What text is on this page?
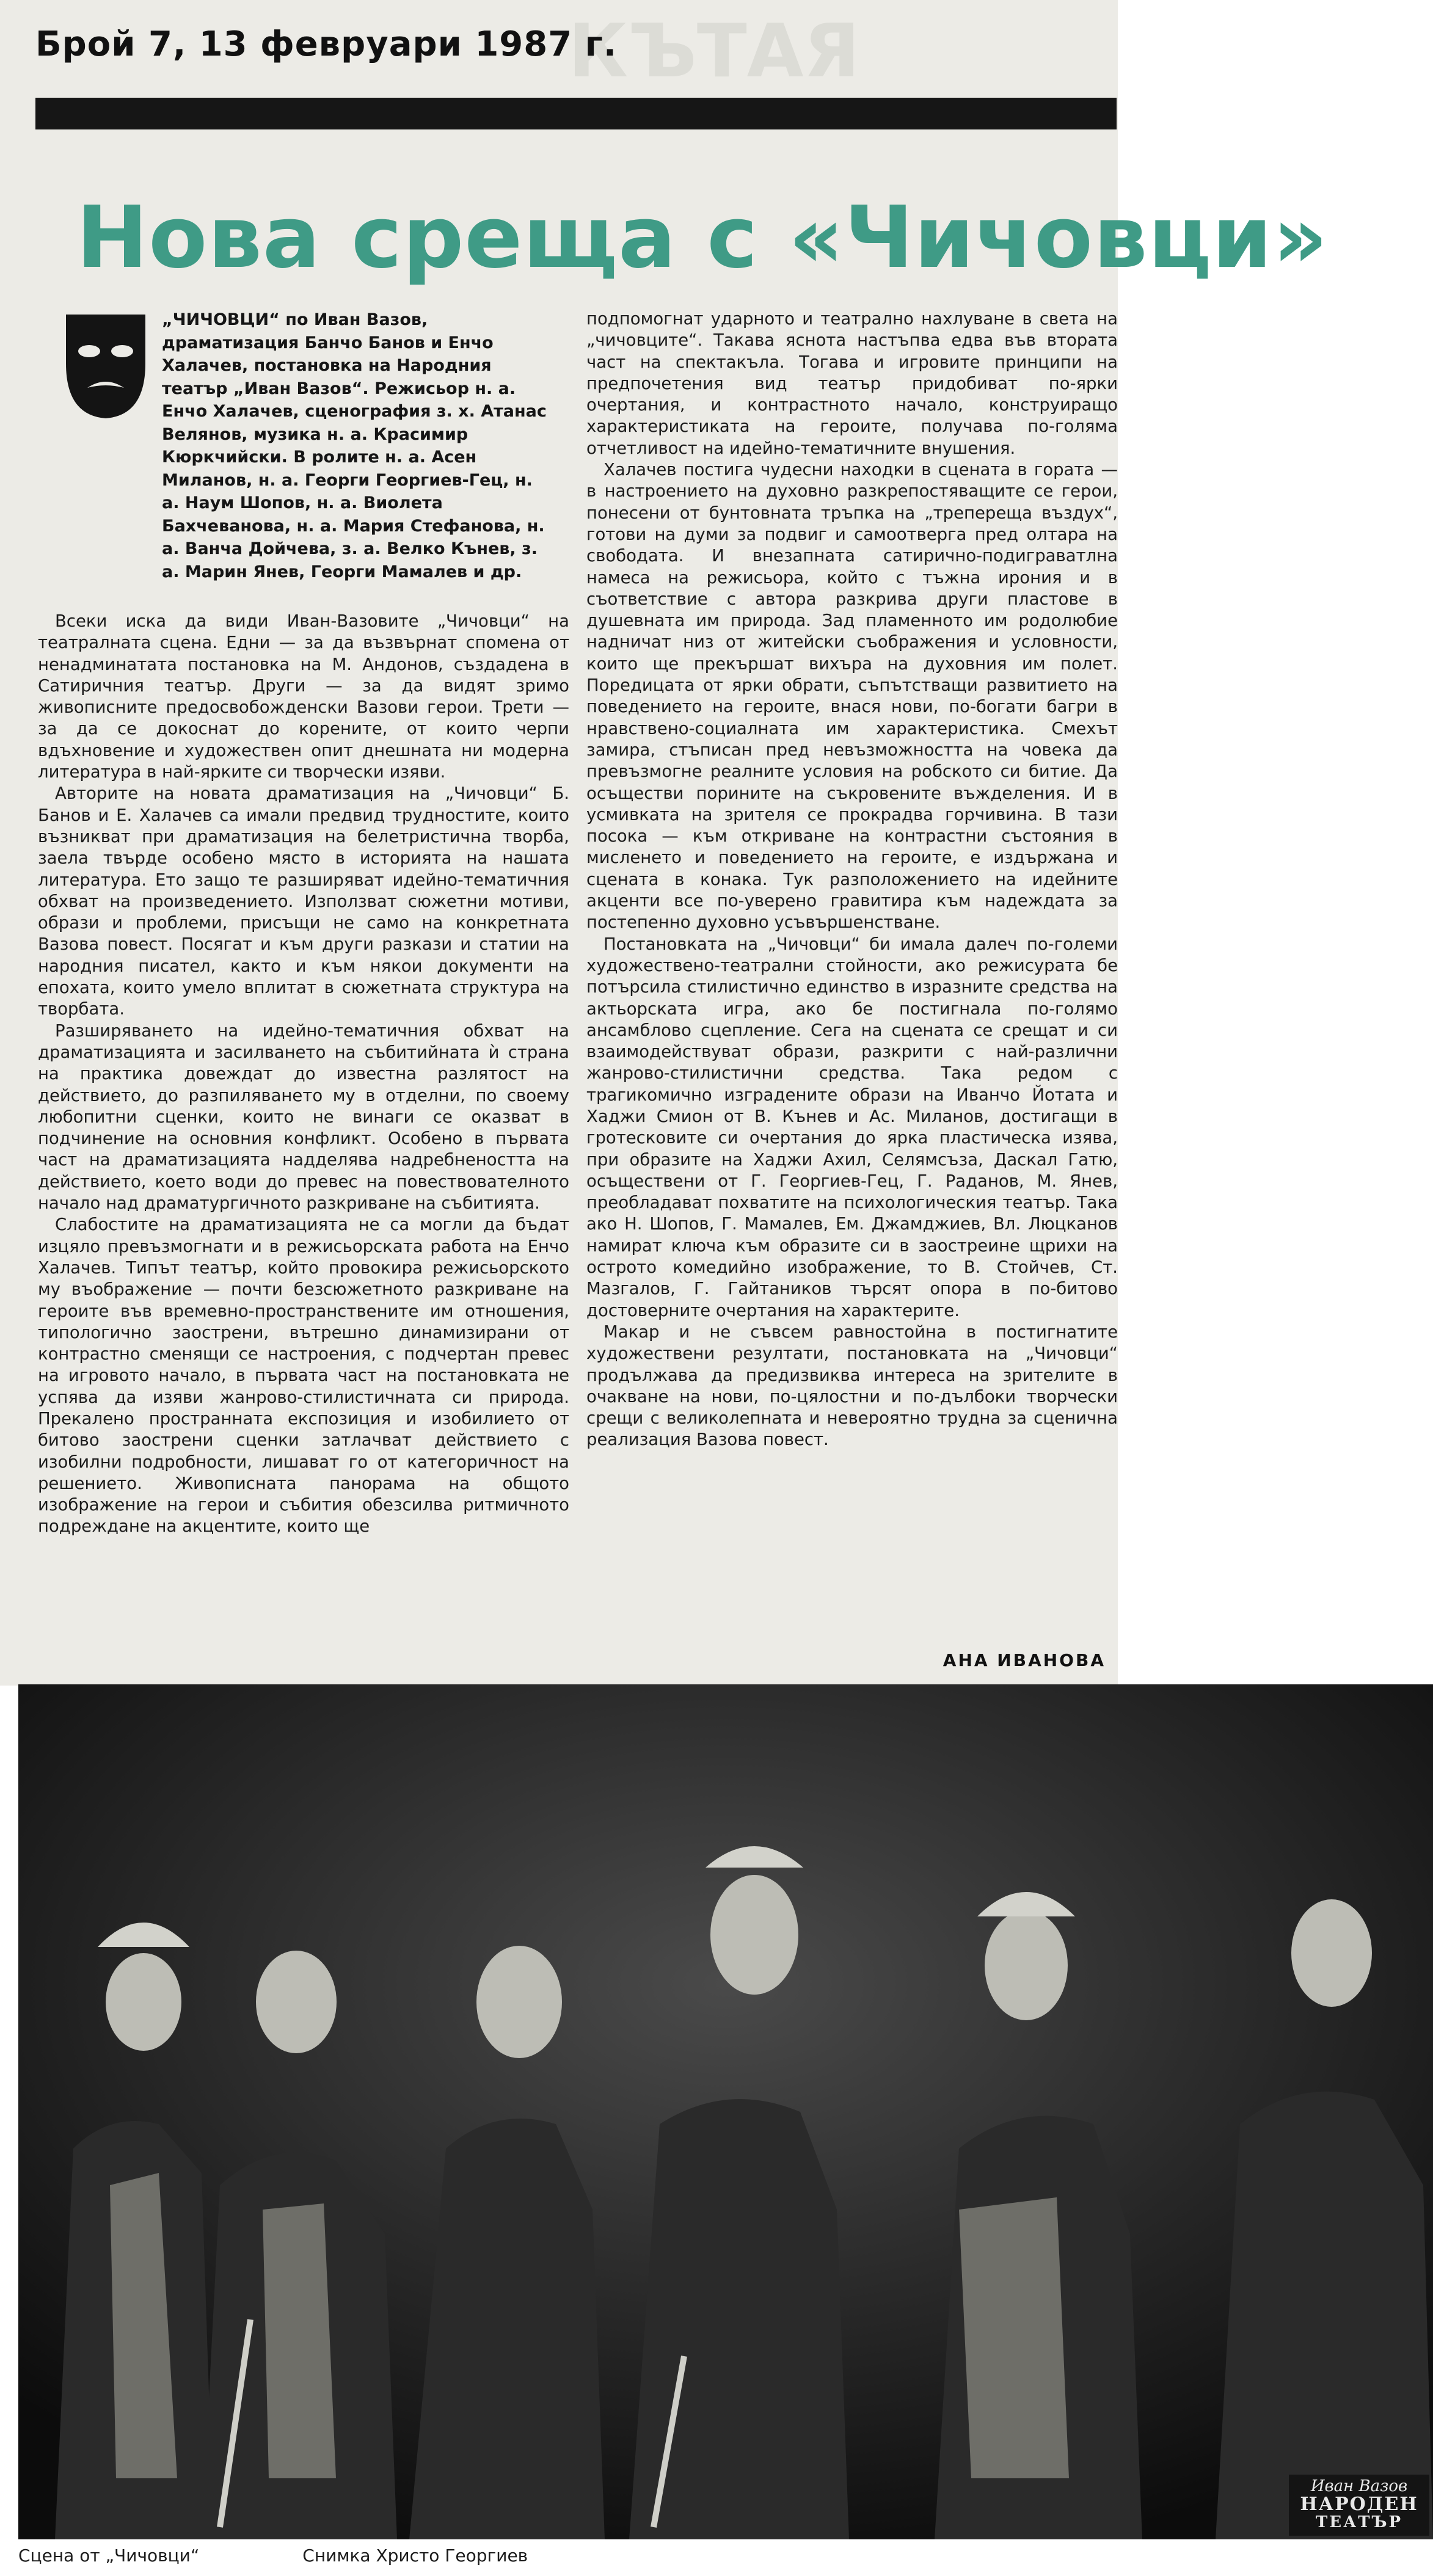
КЪТАЯ
Брой 7, 13 февруари 1987 г.
Нова среща с «Чичовци»
„ЧИЧОВЦИ“ по Иван Вазов, драматизация Банчо Банов и Енчо Халачев, постановка на Народния театър „Иван Вазов“. Режисьор н. а. Енчо Халачев, сценография з. х. Атанас Велянов, музика н. а. Красимир Кюркчийски. В ролите н. а. Асен Миланов, н. а. Георги Георгиев-Гец, н. а. Наум Шопов, н. а. Виолета Бахчеванова, н. а. Мария Стефанова, н. а. Ванча Дойчева, з. а. Велко Кънев, з. а. Марин Янев, Георги Мамалев и др.

Всеки иска да види Иван-Вазовите „Чичовци“ на театралната сцена. Едни — за да възвърнат спомена от ненадминатата постановка на М. Андонов, създадена в Сатиричния театър. Други — за да видят зримо живописните предосвобожденски Вазови герои. Трети — за да се докоснат до корените, от които черпи вдъхновение и художествен опит днешната ни модерна литература в най-ярките си творчески изяви.

Авторите на новата драматизация на „Чичовци“ Б. Банов и Е. Халачев са имали предвид трудностите, които възникват при драматизация на белетристична творба, заела твърде особено място в историята на нашата литература. Ето защо те разширяват идейно-тематичния обхват на произведението. Използват сюжетни мотиви, образи и проблеми, присъщи не само на конкретната Вазова повест. Посягат и към други разкази и статии на народния писател, както и към някои документи на епохата, които умело вплитат в сюжетната структура на творбата.

Разширяването на идейно-тематичния обхват на драматизацията и засилването на събитийната ѝ страна на практика довеждат до известна разлятост на действието, до разпиляването му в отделни, по своему любопитни сценки, които не винаги се оказват в подчинение на основния конфликт. Особено в първата част на драматизацията надделява надребнеността на действието, което води до превес на повествователното начало над драматургичното разкриване на събитията.

Слабостите на драматизацията не са могли да бъдат изцяло превъзмогнати и в режисьорската работа на Енчо Халачев. Типът театър, който провокира режисьорското му въображение — почти безсюжетното разкриване на героите във времевно-пространствените им отношения, типологично заострени, вътрешно динамизирани от контрастно сменящи се настроения, с подчертан превес на игровото начало, в първата част на постановката не успява да изяви жанрово-стилистичната си природа. Прекалено пространната експозиция и изобилието от битово заострени сценки затлачват действието с изобилни подробности, лишават го от категоричност на решението. Живописната панорама на общото изображение на герои и събития обезсилва ритмичното подреждане на акцентите, които ще

подпомогнат ударното и театрално нахлуване в света на „чичовците“. Такава яснота настъпва едва във втората част на спектакъла. Тогава и игровите принципи на предпочетения вид театър придобиват по-ярки очертания, и контрастното начало, конструиращо характеристиката на героите, получава по-голяма отчетливост на идейно-тематичните внушения.

Халачев постига чудесни находки в сцената в гората — в настроението на духовно разкрепостяващите се герои, понесени от бунтовната тръпка на „трепереща въздух“, готови на думи за подвиг и самоотверга пред олтара на свободата. И внезапната сатирично-подиграватлна намеса на режисьора, който с тъжна ирония и в съответствие с автора разкрива други пластове в душевната им природа. Зад пламенното им родолюбие надничат низ от житейски съображения и условности, които ще прекършат вихъра на духовния им полет. Поредицата от ярки обрати, съпътстващи развитието на поведението на героите, внася нови, по-богати багри в нравствено-социалната им характеристика. Смехът замира, стъписан пред невъзможността на човека да превъзмогне реалните условия на робското си битие. Да осъществи порините на съкровените въжделения. И в усмивката на зрителя се прокрадва горчивина. В тази посока — към откриване на контрастни състояния в мисленето и поведението на героите, е издържана и сцената в конака. Тук разположението на идейните акценти все по-уверено гравитира към надеждата за постепенно духовно усъвършенстване.

Постановката на „Чичовци“ би имала далеч по-големи художествено-театрални стойности, ако режисурата бе потърсила стилистично единство в изразните средства на актьорската игра, ако бе постигнала по-голямо ансамблово сцепление. Сега на сцената се срещат и си взаимодействуват образи, разкрити с най-различни жанрово-стилистични средства. Така редом с трагикомично изградените образи на Иванчо Йотата и Хаджи Смион от В. Кънев и Ас. Миланов, достигащи в гротесковите си очертания до ярка пластическа изява, при образите на Хаджи Ахил, Селямсъза, Даскал Гатю, осъществени от Г. Георгиев-Гец, Г. Раданов, М. Янев, преобладават похватите на психологическия театър. Така ако Н. Шопов, Г. Мамалев, Ем. Джамджиев, Вл. Люцканов намират ключа към образите си в заостреине щрихи на острото комедийно изображение, то В. Стойчев, Ст. Мазгалов, Г. Гайтаников търсят опора в по-битово достоверните очертания на характерите.

Макар и не съвсем равностойна в постигнатите художествени резултати, постановката на „Чичовци“ продължава да предизвиква интереса на зрителите в очакване на нови, по-цялостни и по-дълбоки творчески срещи с великолепната и невероятно трудна за сценична реализация Вазова повест.

АНА ИВАНОВА
Сцена от „Чичовци“	Снимка Христо Георгиев
Иван Вазов
НАРОДЕН
ТЕАТЪР
